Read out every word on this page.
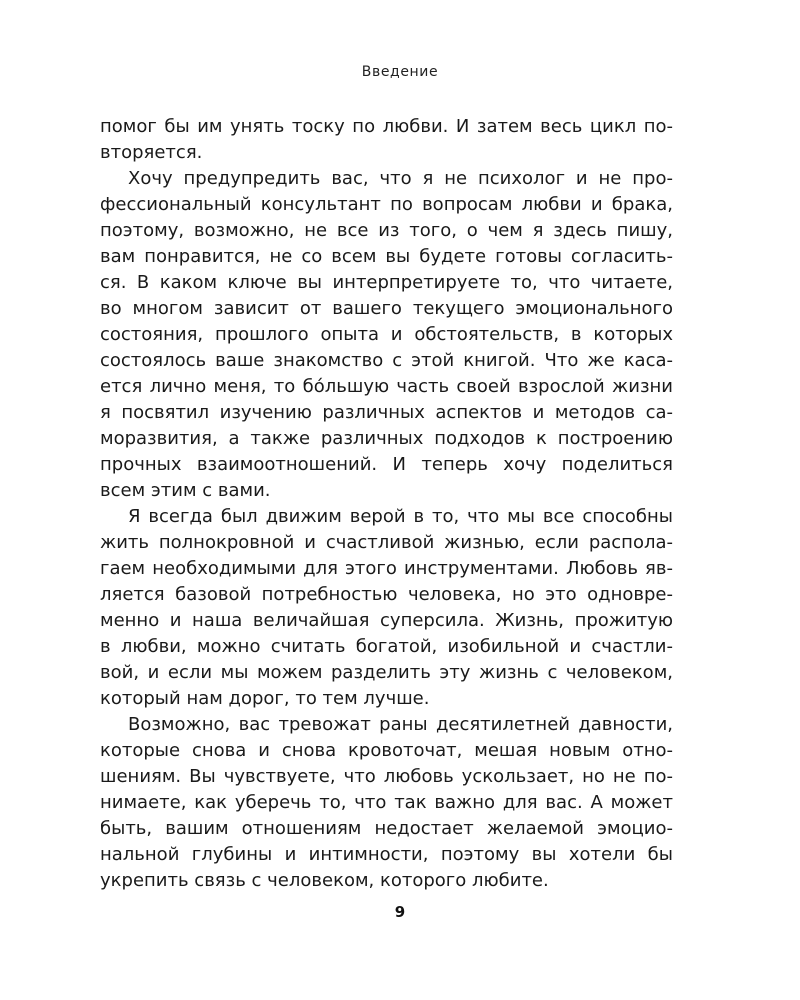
Введение
помог бы им унять тоску по любви. И затем весь цикл по-
вторяется.
Хочу предупредить вас, что я не психолог и не про-
фессиональный консультант по вопросам любви и брака,
поэтому, возможно, не все из того, о чем я здесь пишу,
вам понравится, не со всем вы будете готовы согласить-
ся. В каком ключе вы интерпретируете то, что читаете,
во многом зависит от вашего текущего эмоционального
состояния, прошлого опыта и обстоятельств, в которых
состоялось ваше знакомство с этой книгой. Что же каса-
ется лично меня, то бóльшую часть своей взрослой жизни
я посвятил изучению различных аспектов и методов са-
моразвития, а также различных подходов к построению
прочных взаимоотношений. И теперь хочу поделиться
всем этим с вами.
Я всегда был движим верой в то, что мы все способны
жить полнокровной и счастливой жизнью, если распола-
гаем необходимыми для этого инструментами. Любовь яв-
ляется базовой потребностью человека, но это одновре-
менно и наша величайшая суперсила. Жизнь, прожитую
в любви, можно считать богатой, изобильной и счастли-
вой, и если мы можем разделить эту жизнь с человеком,
который нам дорог, то тем лучше.
Возможно, вас тревожат раны десятилетней давности,
которые снова и снова кровоточат, мешая новым отно-
шениям. Вы чувствуете, что любовь ускользает, но не по-
нимаете, как уберечь то, что так важно для вас. А может
быть, вашим отношениям недостает желаемой эмоцио-
нальной глубины и интимности, поэтому вы хотели бы
укрепить связь с человеком, которого любите.
9
